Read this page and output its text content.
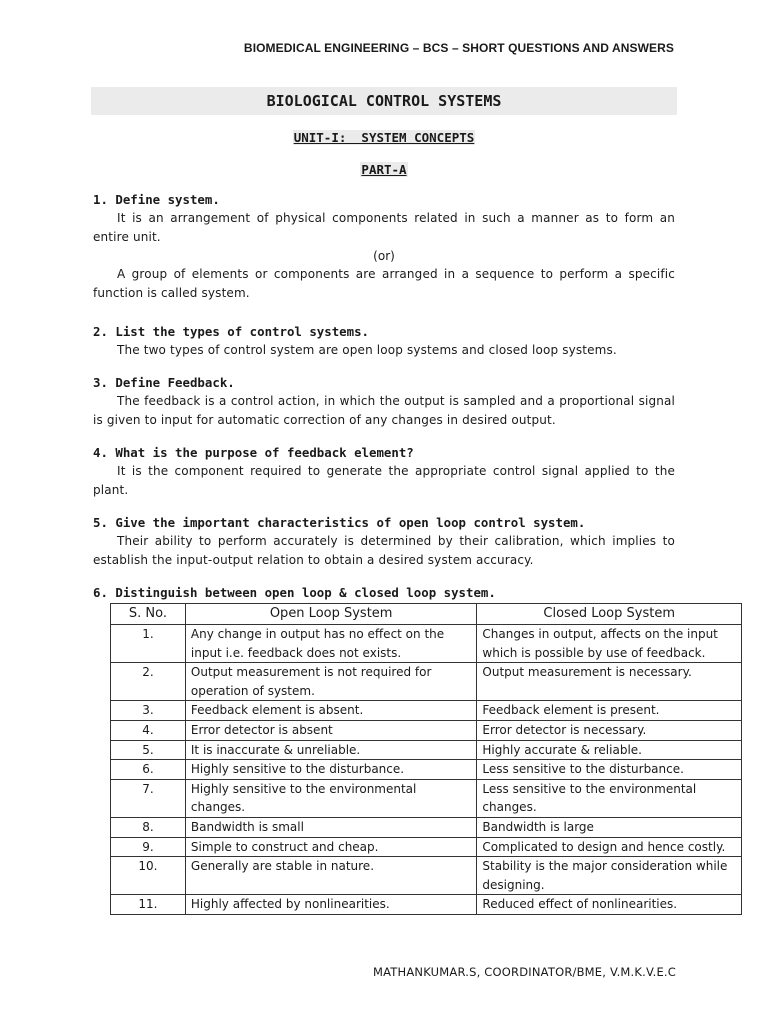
BIOMEDICAL ENGINEERING – BCS – SHORT QUESTIONS AND ANSWERS
BIOLOGICAL CONTROL SYSTEMS
UNIT-I:  SYSTEM CONCEPTS
PART-A
1. Define system.
It is an arrangement of physical components related in such a manner as to form an entire unit.
(or)
A group of elements or components are arranged in a sequence to perform a specific function is called system.
2. List the types of control systems.
The two types of control system are open loop systems and closed loop systems.
3. Define Feedback.
The feedback is a control action, in which the output is sampled and a proportional signal is given to input for automatic correction of any changes in desired output.
4. What is the purpose of feedback element?
It is the component required to generate the appropriate control signal applied to the plant.
5. Give the important characteristics of open loop control system.
Their ability to perform accurately is determined by their calibration, which implies to establish the input-output relation to obtain a desired system accuracy.
6. Distinguish between open loop & closed loop system.
S. No.	Open Loop System	Closed Loop System
1.	Any change in output has no effect on the input i.e. feedback does not exists.	Changes in output, affects on the input which is possible by use of feedback.
2.	Output measurement is not required for operation of system.	Output measurement is necessary.
3.	Feedback element is absent.	Feedback element is present.
4.	Error detector is absent	Error detector is necessary.
5.	It is inaccurate & unreliable.	Highly accurate & reliable.
6.	Highly sensitive to the disturbance.	Less sensitive to the disturbance.
7.	Highly sensitive to the environmental changes.	Less sensitive to the environmental changes.
8.	Bandwidth is small	Bandwidth is large
9.	Simple to construct and cheap.	Complicated to design and hence costly.
10.	Generally are stable in nature.	Stability is the major consideration while designing.
11.	Highly affected by nonlinearities.	Reduced effect of nonlinearities.
MATHANKUMAR.S, COORDINATOR/BME, V.M.K.V.E.C
